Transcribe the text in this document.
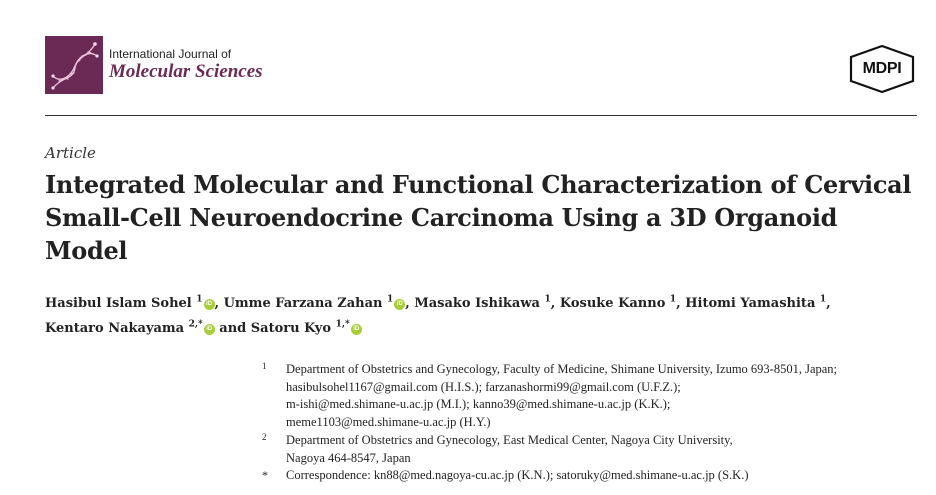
International Journal of
Molecular Sciences	MDPI
Article
Integrated Molecular and Functional Characterization of Cervical Small-Cell Neuroendocrine Carcinoma Using a 3D Organoid Model
Hasibul Islam Sohel $^1$ iD , Umme Farzana Zahan $^1$ iD , Masako Ishikawa $^1$, Kosuke Kanno $^1$, Hitomi Yamashita $^1$,
Kentaro Nakayama $^{2,*}$ iD and Satoru Kyo $^{1,*}$ iD
1 Department of Obstetrics and Gynecology, Faculty of Medicine, Shimane University, Izumo 693-8501, Japan;
hasibulsohel1167@gmail.com (H.I.S.); farzanashormi99@gmail.com (U.F.Z.);
m-ishi@med.shimane-u.ac.jp (M.I.); kanno39@med.shimane-u.ac.jp (K.K.);
meme1103@med.shimane-u.ac.jp (H.Y.)
2 Department of Obstetrics and Gynecology, East Medical Center, Nagoya City University,
Nagoya 464-8547, Japan
* Correspondence: kn88@med.nagoya-cu.ac.jp (K.N.); satoruky@med.shimane-u.ac.jp (S.K.)
